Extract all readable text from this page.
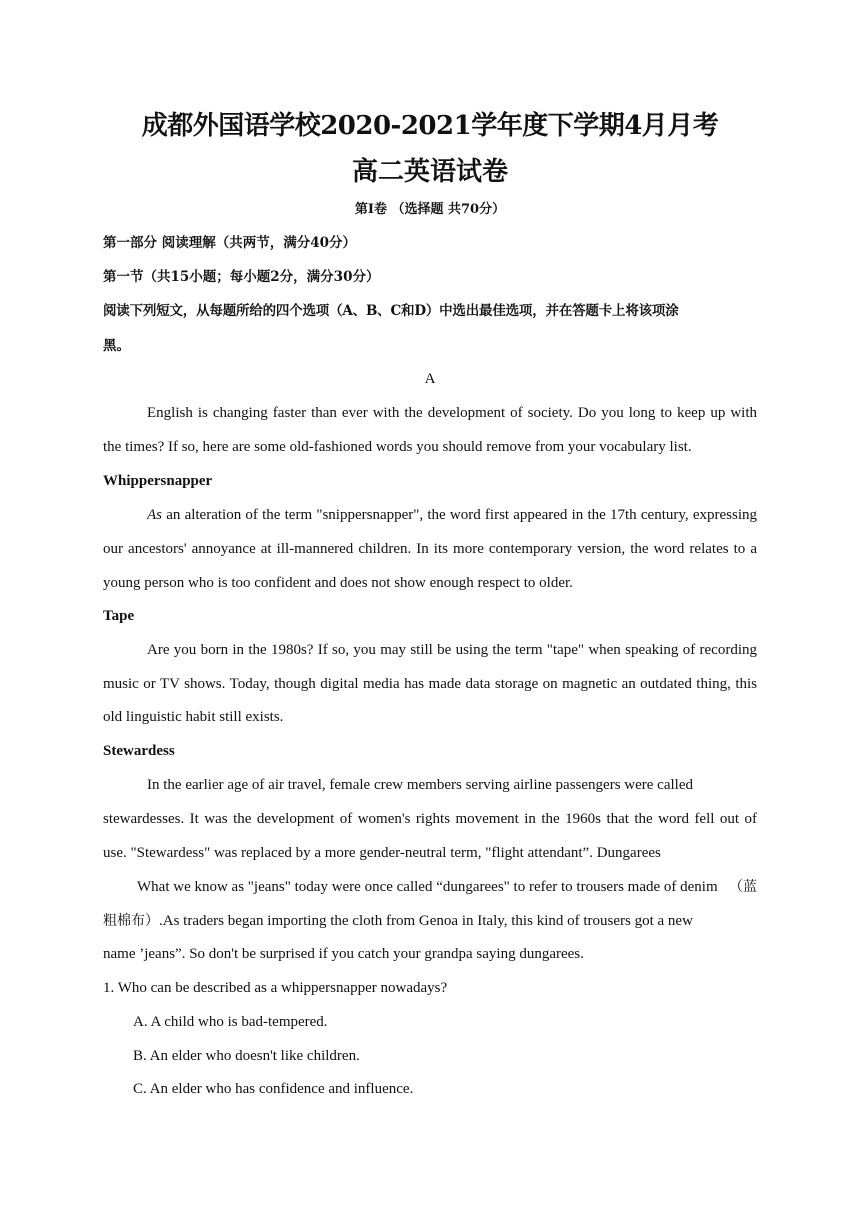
成都外国语学校2020-2021学年度下学期4月月考
高二英语试卷
第Ⅰ卷 （选择题 共70分）
第一部分 阅读理解（共两节，满分40分）
第一节（共15小题；每小题2分，满分30分）
阅读下列短文，从每题所给的四个选项（A、B、C和D）中选出最佳选项，并在答题卡上将该项涂
黑。
A
English is changing faster than ever with the development of society. Do you long to keep up with
the times? If so, here are some old-fashioned words you should remove from your vocabulary list.
Whippersnapper
As an alteration of the term "snippersnapper", the word first appeared in the 17th century, expressing
our ancestors' annoyance at ill-mannered children. In its more contemporary version, the word relates to a
young person who is too confident and does not show enough respect to older.
Tape
Are you born in the 1980s? If so, you may still be using the term "tape" when speaking of recording
music or TV shows. Today, though digital media has made data storage on magnetic an outdated thing, this
old linguistic habit still exists.
Stewardess
In the earlier age of air travel, female crew members serving airline passengers were called
stewardesses. It was the development of women's rights movement in the 1960s that the word fell out of
use. "Stewardess" was replaced by a more gender-neutral term, "flight attendant”. Dungarees
What we know as "jeans" today were once called “dungarees" to refer to trousers made of denim （蓝
粗棉布）.As traders began importing the cloth from Genoa in Italy, this kind of trousers got a new
name ’jeans”. So don't be surprised if you catch your grandpa saying dungarees.
1. Who can be described as a whippersnapper nowadays?
A. A child who is bad-tempered.
B. An elder who doesn't like children.
C. An elder who has confidence and influence.
